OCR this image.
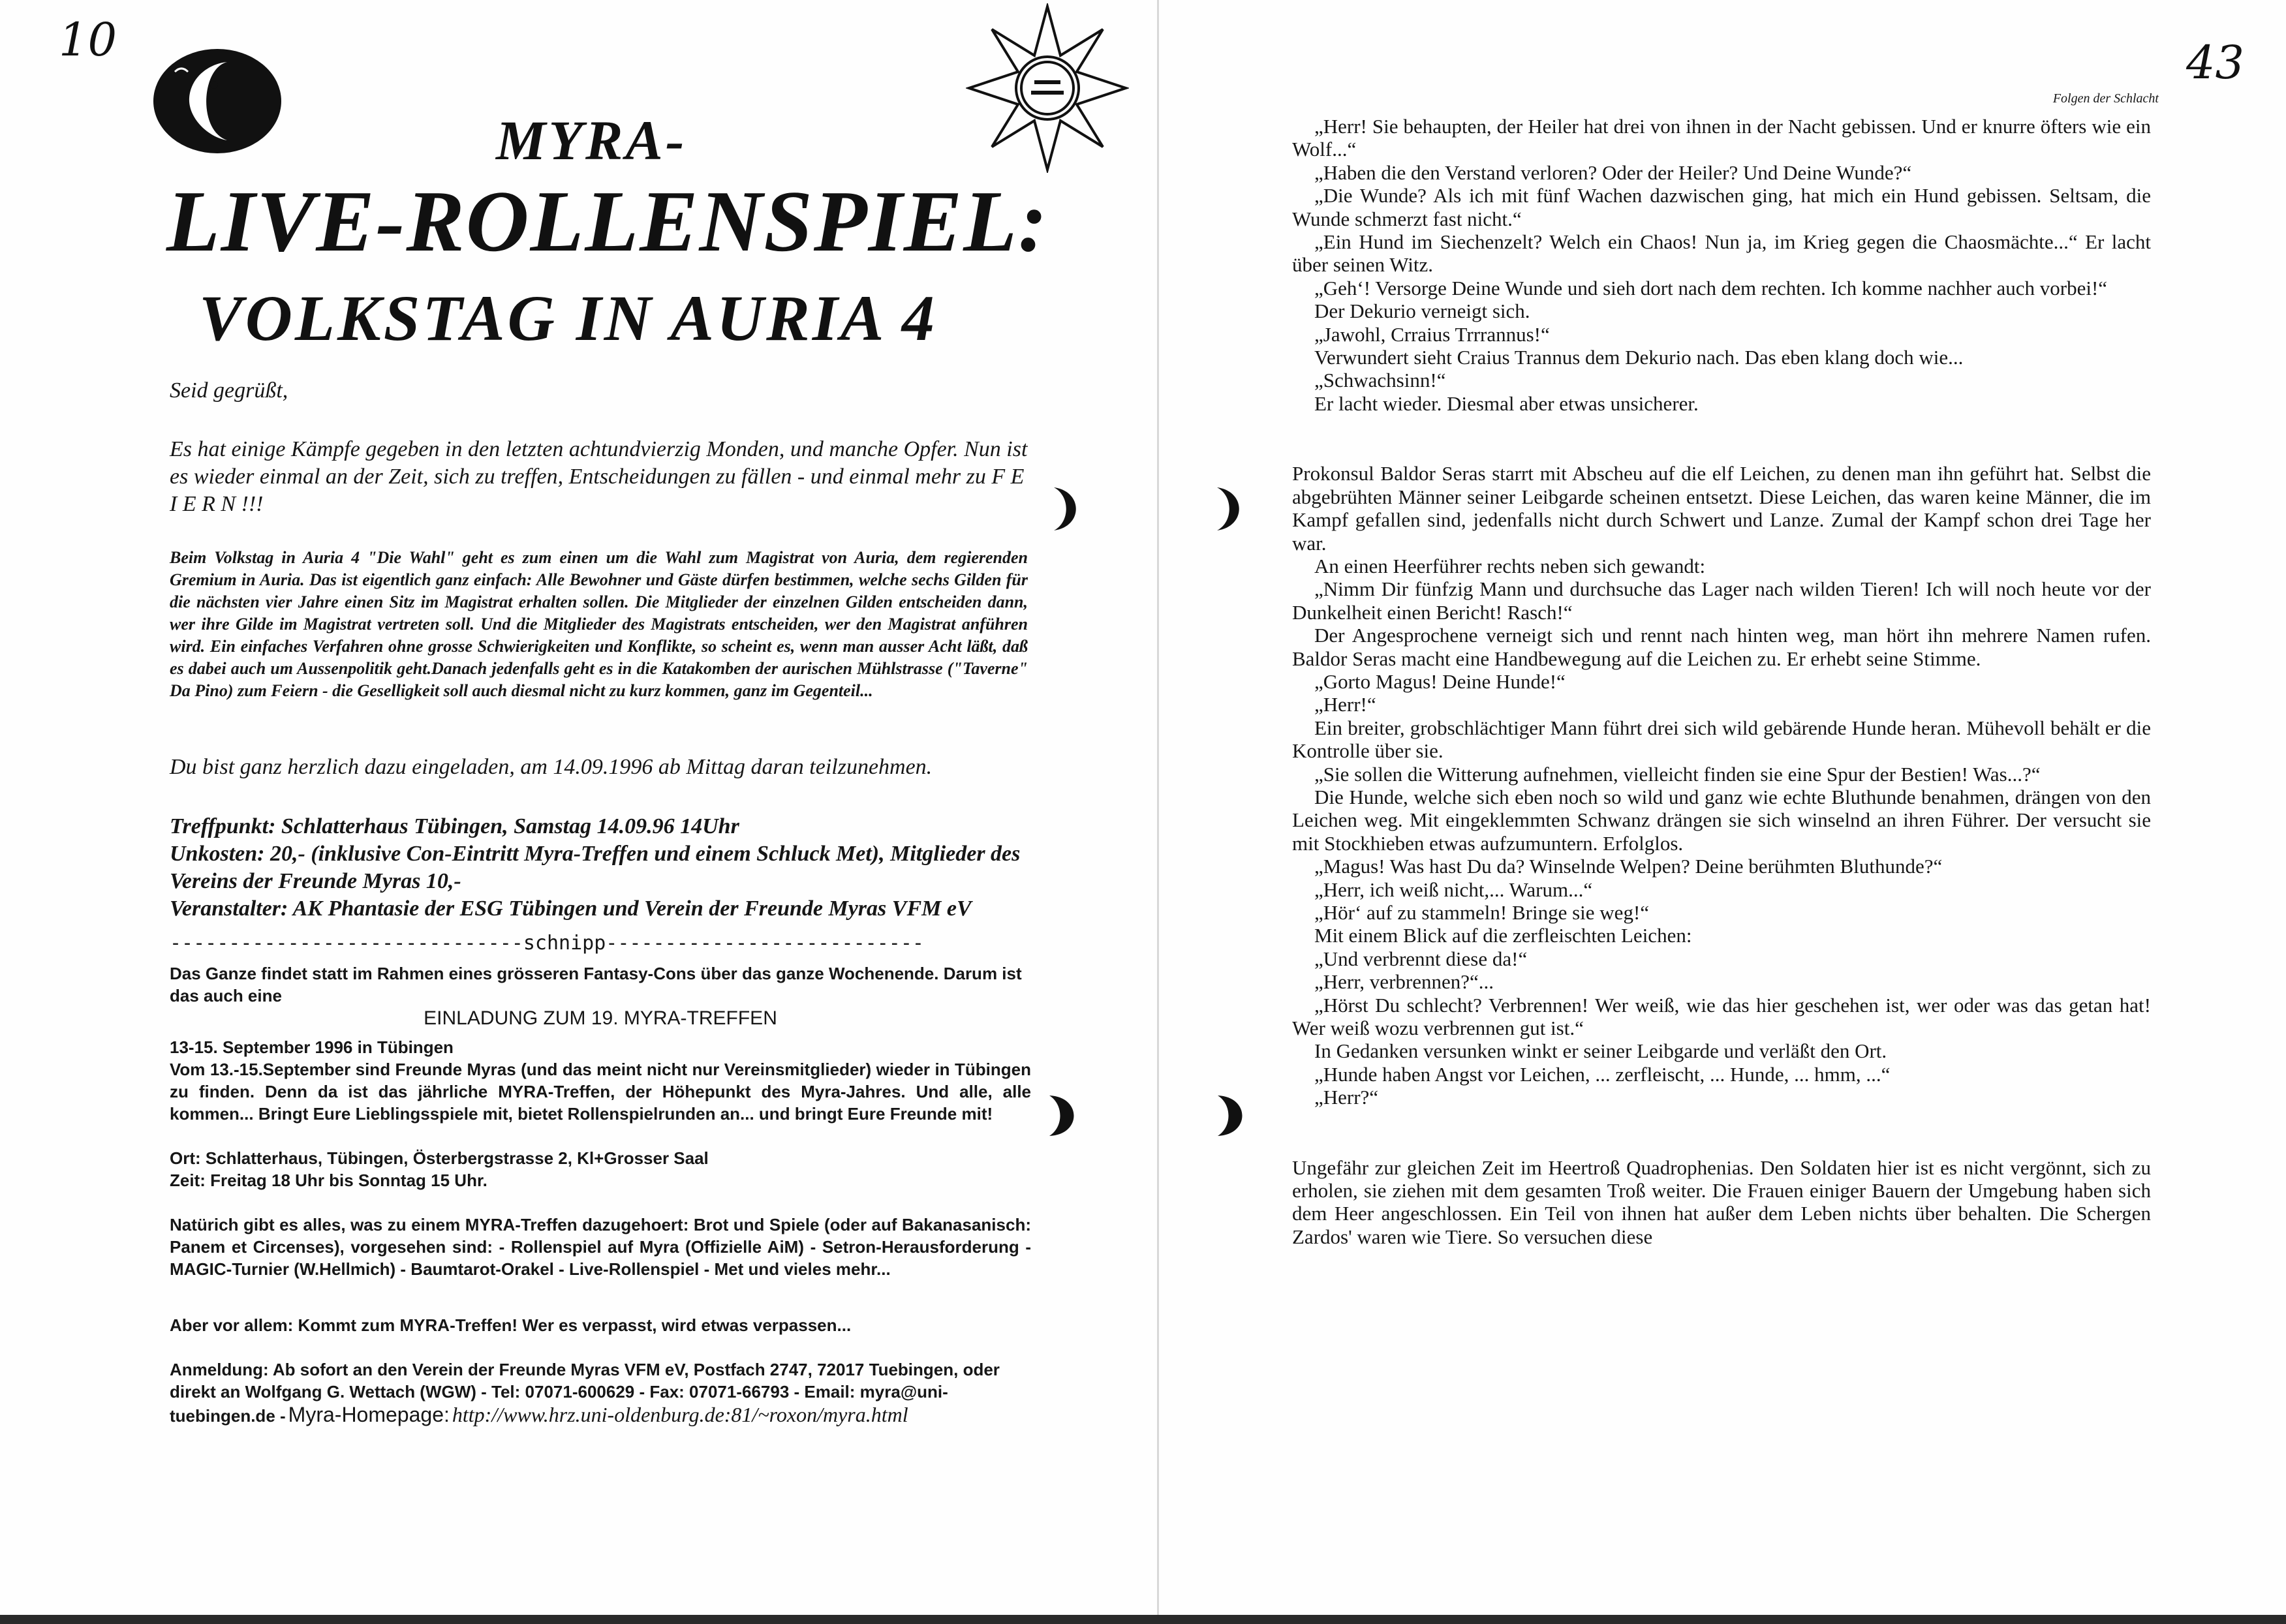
10	43
MYRA-
LIVE-ROLLENSPIEL:
VOLKSTAG IN AURIA 4
Seid gegrüßt,
Es hat einige Kämpfe gegeben in den letzten achtundvierzig Monden, und manche Opfer. Nun ist es wieder einmal an der Zeit, sich zu treffen, Entscheidungen zu fällen - und einmal mehr zu F E I E R N !!!
Beim Volkstag in Auria 4 "Die Wahl" geht es zum einen um die Wahl zum Magistrat von Auria, dem regierenden Gremium in Auria. Das ist eigentlich ganz einfach: Alle Bewohner und Gäste dürfen bestimmen, welche sechs Gilden für die nächsten vier Jahre einen Sitz im Magistrat erhalten sollen. Die Mitglieder der einzelnen Gilden entscheiden dann, wer ihre Gilde im Magistrat vertreten soll. Und die Mitglieder des Magistrats entscheiden, wer den Magistrat anführen wird. Ein einfaches Verfahren ohne grosse Schwierigkeiten und Konflikte, so scheint es, wenn man ausser Acht läßt, daß es dabei auch um Aussenpolitik geht.Danach jedenfalls geht es in die Katakomben der aurischen Mühlstrasse ("Taverne" Da Pino) zum Feiern - die Geselligkeit soll auch diesmal nicht zu kurz kommen, ganz im Gegenteil...
Du bist ganz herzlich dazu eingeladen, am 14.09.1996 ab Mittag daran teilzunehmen.
Treffpunkt: Schlatterhaus Tübingen, Samstag 14.09.96 14Uhr
Unkosten: 20,- (inklusive Con-Eintritt Myra-Treffen und einem Schluck Met), Mitglieder des Vereins der Freunde Myras 10,-
Veranstalter: AK Phantasie der ESG Tübingen und Verein der Freunde Myras VFM eV
------------------------------schnipp---------------------------
Das Ganze findet statt im Rahmen eines grösseren Fantasy-Cons über das ganze Wochenende. Darum ist das auch eine
EINLADUNG ZUM 19. MYRA-TREFFEN
13-15. September 1996 in Tübingen
Vom 13.-15.September sind Freunde Myras (und das meint nicht nur Vereinsmitglieder) wieder in Tübingen zu finden. Denn da ist das jährliche MYRA-Treffen, der Höhepunkt des Myra-Jahres. Und alle, alle kommen... Bringt Eure Lieblingsspiele mit, bietet Rollenspielrunden an... und bringt Eure Freunde mit!
Ort: Schlatterhaus, Tübingen, Österbergstrasse 2, Kl+Grosser Saal
Zeit: Freitag 18 Uhr bis Sonntag 15 Uhr.
Natürich gibt es alles, was zu einem MYRA-Treffen dazugehoert: Brot und Spiele (oder auf Bakanasanisch: Panem et Circenses), vorgesehen sind: - Rollenspiel auf Myra (Offizielle AiM) - Setron-Herausforderung - MAGIC-Turnier (W.Hellmich) - Baumtarot-Orakel - Live-Rollenspiel - Met und vieles mehr...
Aber vor allem: Kommt zum MYRA-Treffen! Wer es verpasst, wird etwas verpassen...
Anmeldung: Ab sofort an den Verein der Freunde Myras VFM eV, Postfach 2747, 72017 Tuebingen, oder direkt an Wolfgang G. Wettach (WGW) - Tel: 07071-600629 - Fax: 07071-66793 - Email: myra@uni-tuebingen.de - Myra-Homepage: http://www.hrz.uni-oldenburg.de:81/~roxon/myra.html
Folgen der Schlacht

„Herr! Sie behaupten, der Heiler hat drei von ihnen in der Nacht gebissen. Und er knurre öfters wie ein Wolf...“

„Haben die den Verstand verloren? Oder der Heiler? Und Deine Wunde?“

„Die Wunde? Als ich mit fünf Wachen dazwischen ging, hat mich ein Hund gebissen. Seltsam, die Wunde schmerzt fast nicht.“

„Ein Hund im Siechenzelt? Welch ein Chaos! Nun ja, im Krieg gegen die Chaosmächte...“ Er lacht über seinen Witz.

„Geh‘! Versorge Deine Wunde und sieh dort nach dem rechten. Ich komme nachher auch vorbei!“

Der Dekurio verneigt sich.

„Jawohl, Crraius Trrrannus!“

Verwundert sieht Craius Trannus dem Dekurio nach. Das eben klang doch wie...

„Schwachsinn!“

Er lacht wieder. Diesmal aber etwas unsicherer.

Prokonsul Baldor Seras starrt mit Abscheu auf die elf Leichen, zu denen man ihn geführt hat. Selbst die abgebrühten Männer seiner Leibgarde scheinen entsetzt. Diese Leichen, das waren keine Männer, die im Kampf gefallen sind, jedenfalls nicht durch Schwert und Lanze. Zumal der Kampf schon drei Tage her war.

An einen Heerführer rechts neben sich gewandt:

„Nimm Dir fünfzig Mann und durchsuche das Lager nach wilden Tieren! Ich will noch heute vor der Dunkelheit einen Bericht! Rasch!“

Der Angesprochene verneigt sich und rennt nach hinten weg, man hört ihn mehrere Namen rufen. Baldor Seras macht eine Handbewegung auf die Leichen zu. Er erhebt seine Stimme.

„Gorto Magus! Deine Hunde!“

„Herr!“

Ein breiter, grobschlächtiger Mann führt drei sich wild gebärende Hunde heran. Mühevoll behält er die Kontrolle über sie.

„Sie sollen die Witterung aufnehmen, vielleicht finden sie eine Spur der Bestien! Was...?“

Die Hunde, welche sich eben noch so wild und ganz wie echte Bluthunde benahmen, drängen von den Leichen weg. Mit eingeklemmten Schwanz drängen sie sich winselnd an ihren Führer. Der versucht sie mit Stockhieben etwas aufzumuntern. Erfolglos.

„Magus! Was hast Du da? Winselnde Welpen? Deine berühmten Bluthunde?“

„Herr, ich weiß nicht,... Warum...“

„Hör‘ auf zu stammeln! Bringe sie weg!“

Mit einem Blick auf die zerfleischten Leichen:

„Und verbrennt diese da!“

„Herr, verbrennen?“...

„Hörst Du schlecht? Verbrennen! Wer weiß, wie das hier geschehen ist, wer oder was das getan hat! Wer weiß wozu verbrennen gut ist.“

In Gedanken versunken winkt er seiner Leibgarde und verläßt den Ort.

„Hunde haben Angst vor Leichen, ... zerfleischt, ... Hunde, ... hmm, ...“

„Herr?“

Ungefähr zur gleichen Zeit im Heertroß Quadrophenias. Den Soldaten hier ist es nicht vergönnt, sich zu erholen, sie ziehen mit dem gesamten Troß weiter. Die Frauen einiger Bauern der Umgebung haben sich dem Heer angeschlossen. Ein Teil von ihnen hat außer dem Leben nichts über behalten. Die Schergen Zardos' waren wie Tiere. So versuchen diese
